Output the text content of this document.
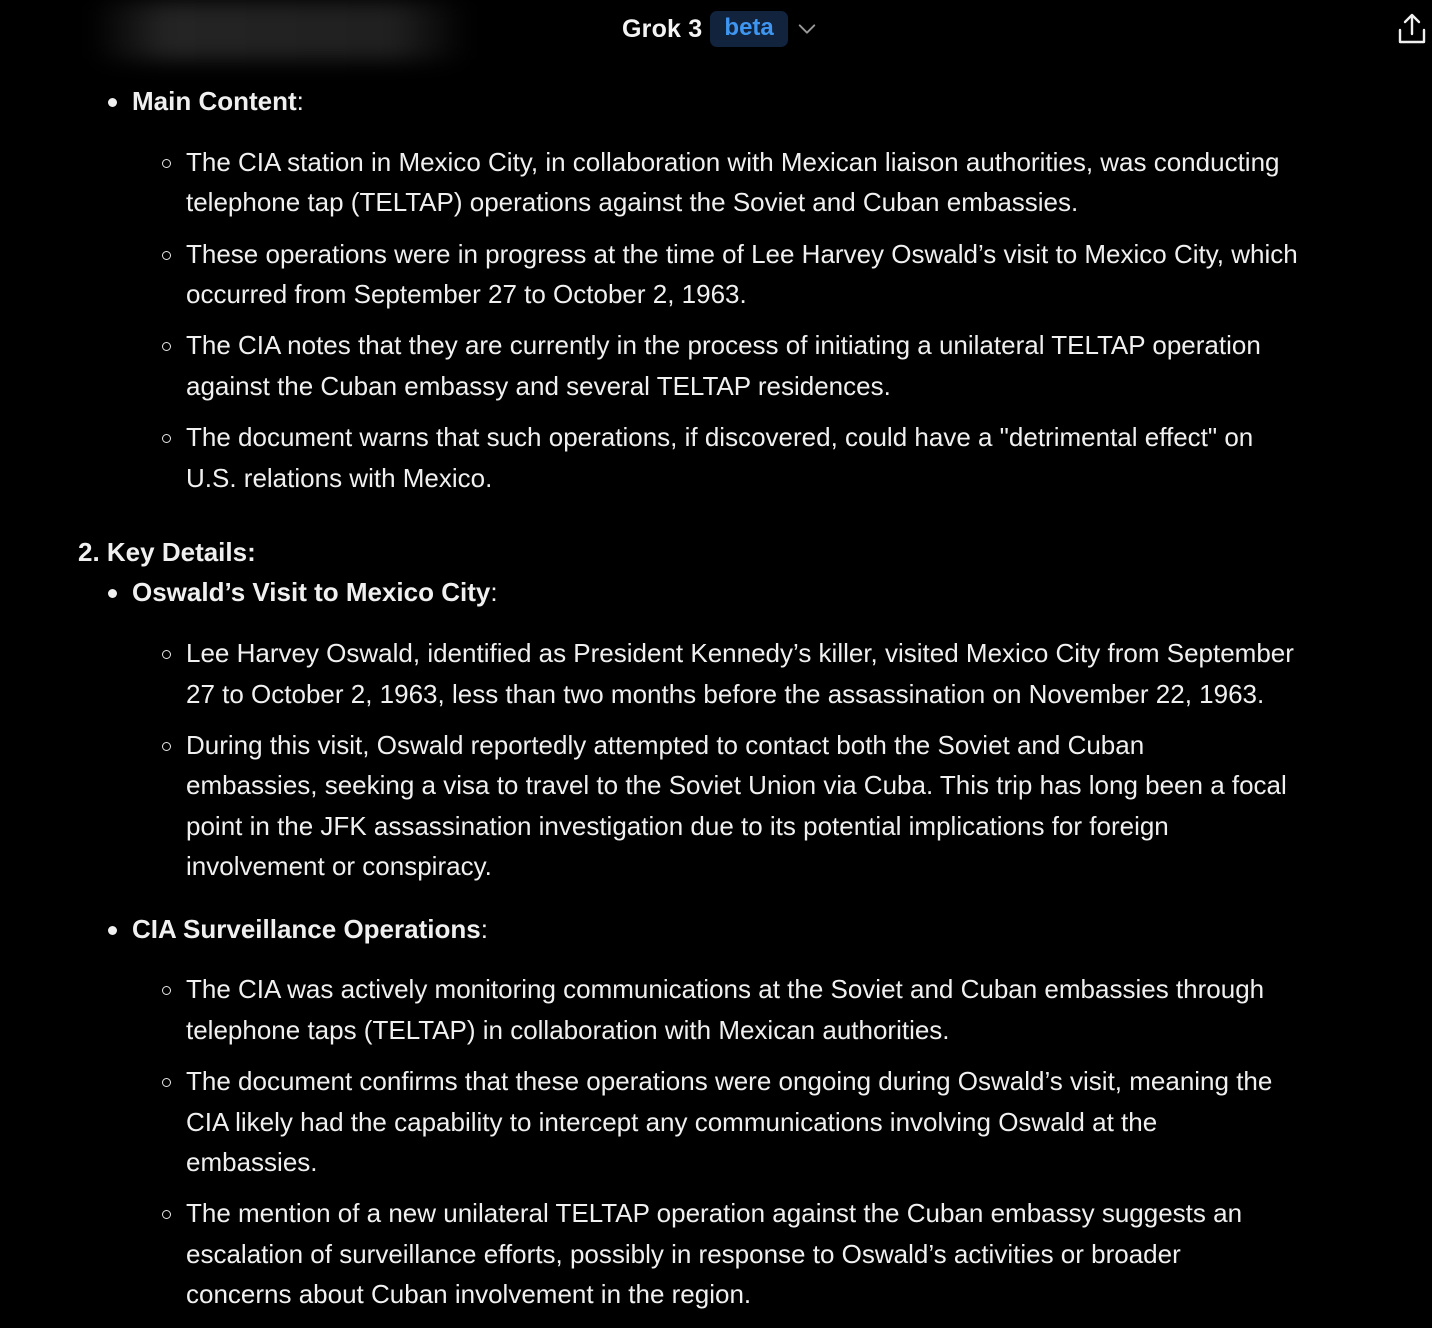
Grok 3 beta
Main Content:
The CIA station in Mexico City, in collaboration with Mexican liaison authorities, was conducting
telephone tap (TELTAP) operations against the Soviet and Cuban embassies.
These operations were in progress at the time of Lee Harvey Oswald’s visit to Mexico City, which
occurred from September 27 to October 2, 1963.
The CIA notes that they are currently in the process of initiating a unilateral TELTAP operation
against the Cuban embassy and several TELTAP residences.
The document warns that such operations, if discovered, could have a "detrimental effect" on
U.S. relations with Mexico.
2. Key Details:
Oswald’s Visit to Mexico City:
Lee Harvey Oswald, identified as President Kennedy’s killer, visited Mexico City from September
27 to October 2, 1963, less than two months before the assassination on November 22, 1963.
During this visit, Oswald reportedly attempted to contact both the Soviet and Cuban
embassies, seeking a visa to travel to the Soviet Union via Cuba. This trip has long been a focal
point in the JFK assassination investigation due to its potential implications for foreign
involvement or conspiracy.
CIA Surveillance Operations:
The CIA was actively monitoring communications at the Soviet and Cuban embassies through
telephone taps (TELTAP) in collaboration with Mexican authorities.
The document confirms that these operations were ongoing during Oswald’s visit, meaning the
CIA likely had the capability to intercept any communications involving Oswald at the
embassies.
The mention of a new unilateral TELTAP operation against the Cuban embassy suggests an
escalation of surveillance efforts, possibly in response to Oswald’s activities or broader
concerns about Cuban involvement in the region.
